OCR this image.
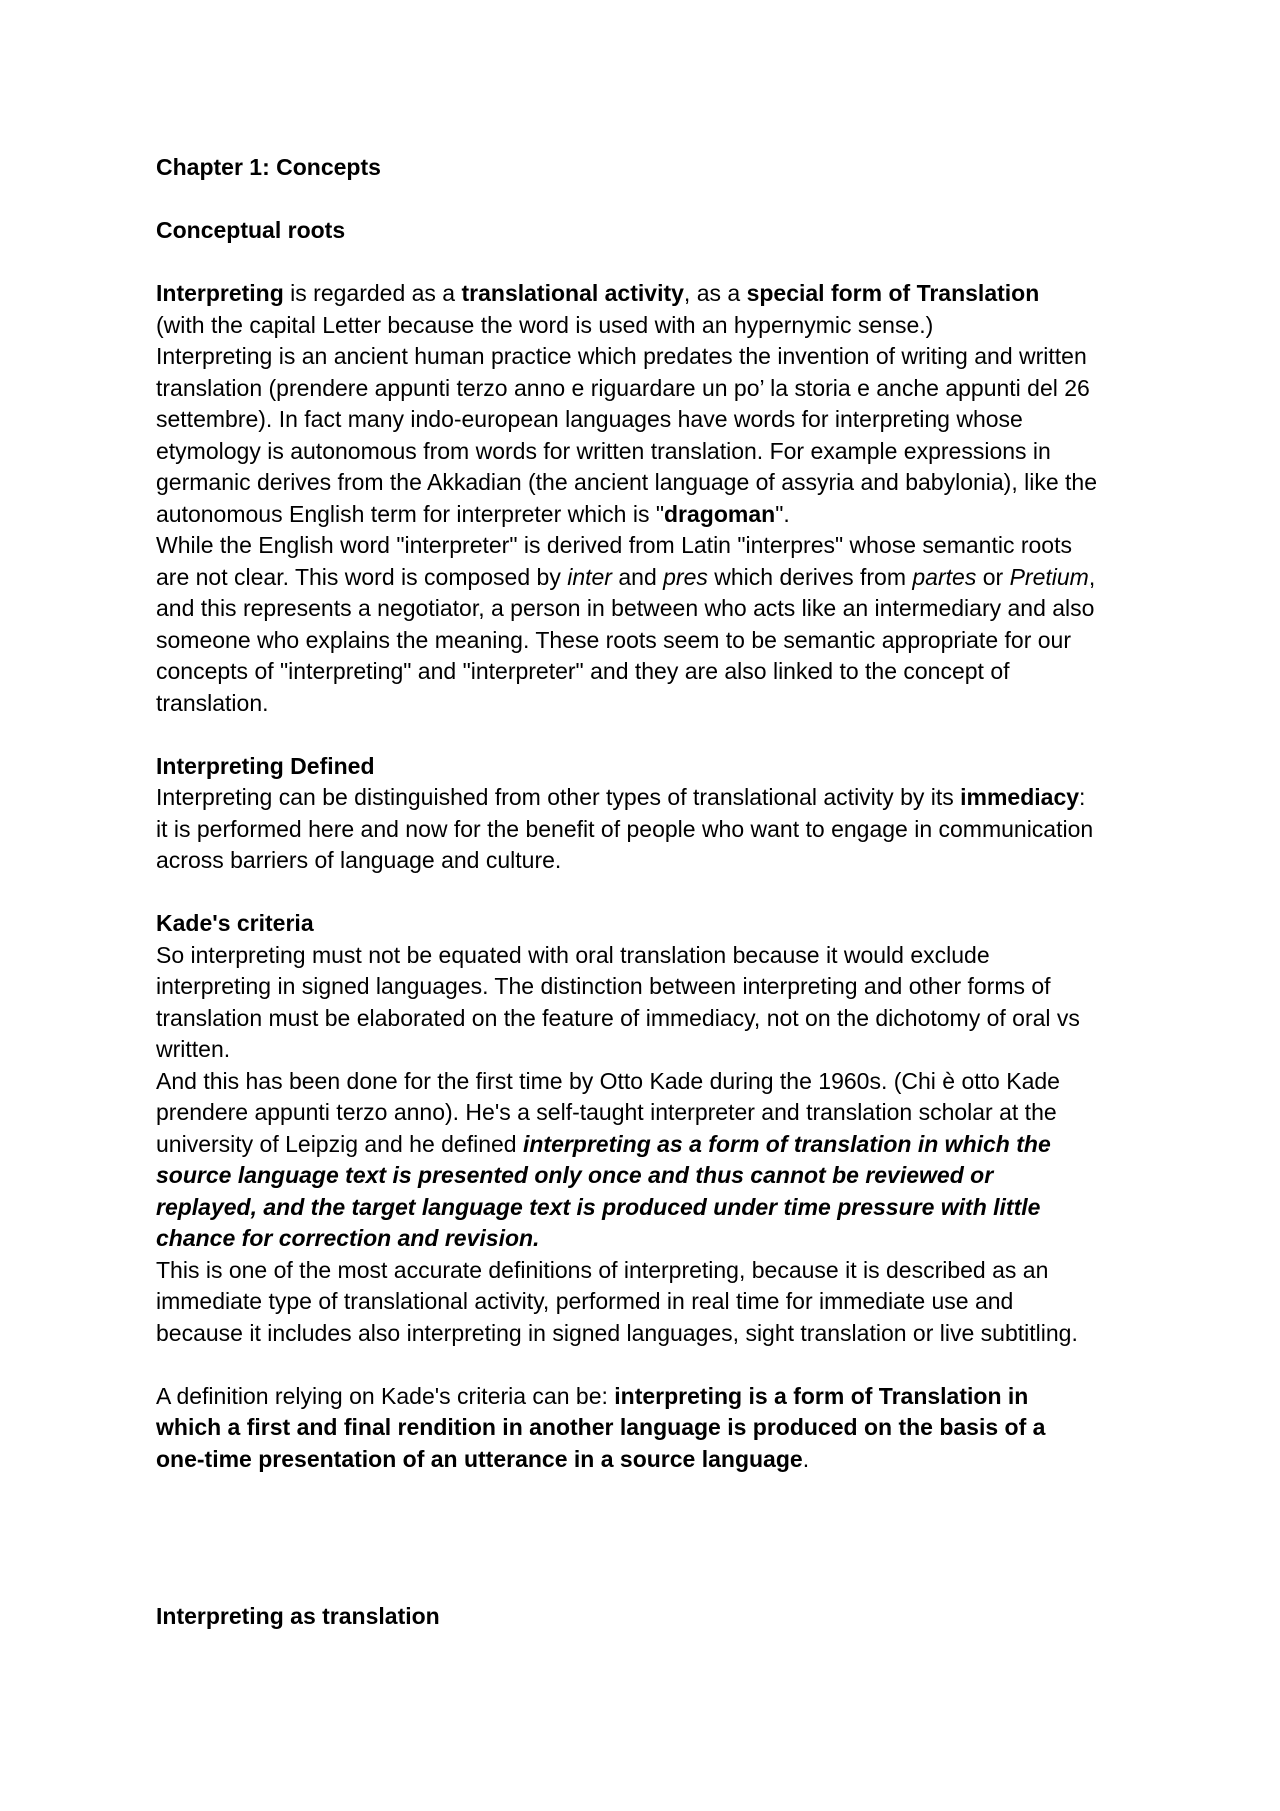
Chapter 1: Concepts

Conceptual roots

Interpreting is regarded as a translational activity, as a special form of Translation
(with the capital Letter because the word is used with an hypernymic sense.)
Interpreting is an ancient human practice which predates the invention of writing and written
translation (prendere appunti terzo anno e riguardare un po’ la storia e anche appunti del 26
settembre). In fact many indo-european languages have words for interpreting whose
etymology is autonomous from words for written translation. For example expressions in
germanic derives from the Akkadian (the ancient language of assyria and babylonia), like the
autonomous English term for interpreter which is "dragoman".
While the English word "interpreter" is derived from Latin "interpres" whose semantic roots
are not clear. This word is composed by inter and pres which derives from partes or Pretium,
and this represents a negotiator, a person in between who acts like an intermediary and also
someone who explains the meaning. These roots seem to be semantic appropriate for our
concepts of "interpreting" and "interpreter" and they are also linked to the concept of
translation.

Interpreting Defined

Interpreting can be distinguished from other types of translational activity by its immediacy:
it is performed here and now for the benefit of people who want to engage in communication
across barriers of language and culture.

Kade's criteria

So interpreting must not be equated with oral translation because it would exclude
interpreting in signed languages. The distinction between interpreting and other forms of
translation must be elaborated on the feature of immediacy, not on the dichotomy of oral vs
written.
And this has been done for the first time by Otto Kade during the 1960s. (Chi è otto Kade
prendere appunti terzo anno). He's a self-taught interpreter and translation scholar at the
university of Leipzig and he defined interpreting as a form of translation in which the
source language text is presented only once and thus cannot be reviewed or
replayed, and the target language text is produced under time pressure with little
chance for correction and revision.
This is one of the most accurate definitions of interpreting, because it is described as an
immediate type of translational activity, performed in real time for immediate use and
because it includes also interpreting in signed languages, sight translation or live subtitling.
A definition relying on Kade's criteria can be: interpreting is a form of Translation in
which a first and final rendition in another language is produced on the basis of a
one-time presentation of an utterance in a source language.

Interpreting as translation
